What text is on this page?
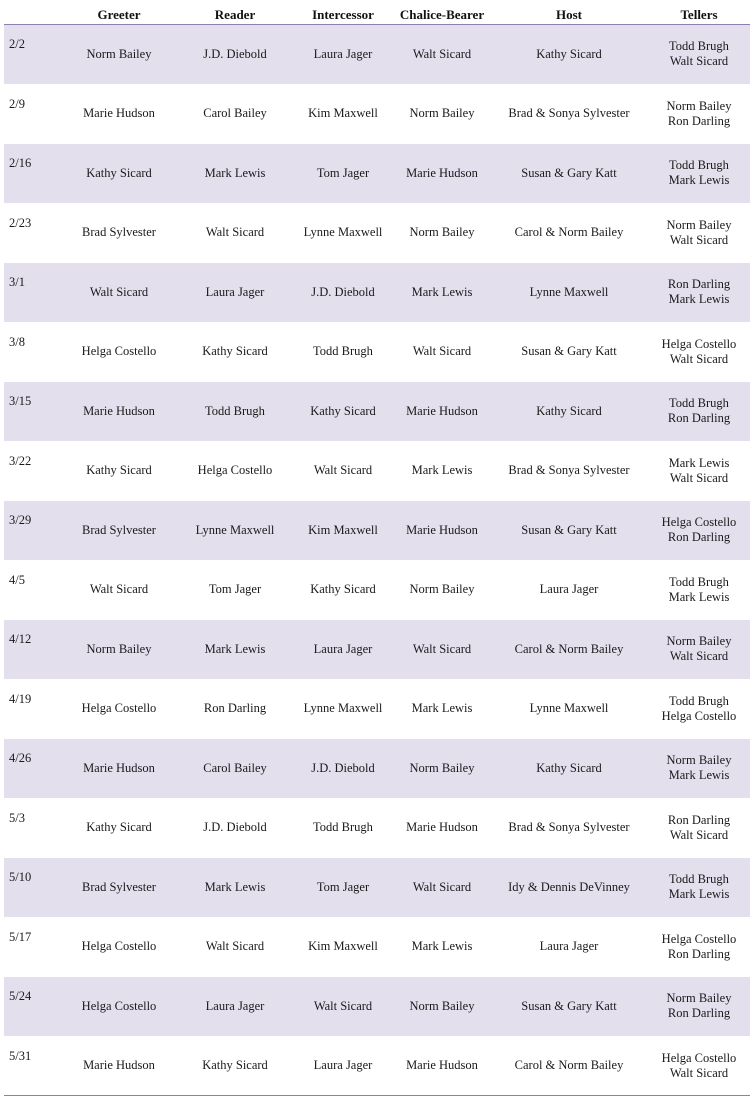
	Greeter	Reader	Intercessor	Chalice-Bearer	Host	Tellers
2/2	Norm Bailey	J.D. Diebold	Laura Jager	Walt Sicard	Kathy Sicard	Todd Brugh
Walt Sicard

2/9	Marie Hudson	Carol Bailey	Kim Maxwell	Norm Bailey	Brad & Sonya Sylvester	Norm Bailey
Ron Darling

2/16	Kathy Sicard	Mark Lewis	Tom Jager	Marie Hudson	Susan & Gary Katt	Todd Brugh
Mark Lewis

2/23	Brad Sylvester	Walt Sicard	Lynne Maxwell	Norm Bailey	Carol & Norm Bailey	Norm Bailey
Walt Sicard

3/1	Walt Sicard	Laura Jager	J.D. Diebold	Mark Lewis	Lynne Maxwell	Ron Darling
Mark Lewis

3/8	Helga Costello	Kathy Sicard	Todd Brugh	Walt Sicard	Susan & Gary Katt	Helga Costello
Walt Sicard

3/15	Marie Hudson	Todd Brugh	Kathy Sicard	Marie Hudson	Kathy Sicard	Todd Brugh
Ron Darling

3/22	Kathy Sicard	Helga Costello	Walt Sicard	Mark Lewis	Brad & Sonya Sylvester	Mark Lewis
Walt Sicard

3/29	Brad Sylvester	Lynne Maxwell	Kim Maxwell	Marie Hudson	Susan & Gary Katt	Helga Costello
Ron Darling

4/5	Walt Sicard	Tom Jager	Kathy Sicard	Norm Bailey	Laura Jager	Todd Brugh
Mark Lewis

4/12	Norm Bailey	Mark Lewis	Laura Jager	Walt Sicard	Carol & Norm Bailey	Norm Bailey
Walt Sicard

4/19	Helga Costello	Ron Darling	Lynne Maxwell	Mark Lewis	Lynne Maxwell	Todd Brugh
Helga Costello

4/26	Marie Hudson	Carol Bailey	J.D. Diebold	Norm Bailey	Kathy Sicard	Norm Bailey
Mark Lewis

5/3	Kathy Sicard	J.D. Diebold	Todd Brugh	Marie Hudson	Brad & Sonya Sylvester	Ron Darling
Walt Sicard

5/10	Brad Sylvester	Mark Lewis	Tom Jager	Walt Sicard	Idy & Dennis DeVinney	Todd Brugh
Mark Lewis

5/17	Helga Costello	Walt Sicard	Kim Maxwell	Mark Lewis	Laura Jager	Helga Costello
Ron Darling

5/24	Helga Costello	Laura Jager	Walt Sicard	Norm Bailey	Susan & Gary Katt	Norm Bailey
Ron Darling

5/31	Marie Hudson	Kathy Sicard	Laura Jager	Marie Hudson	Carol & Norm Bailey	Helga Costello
Walt Sicard
